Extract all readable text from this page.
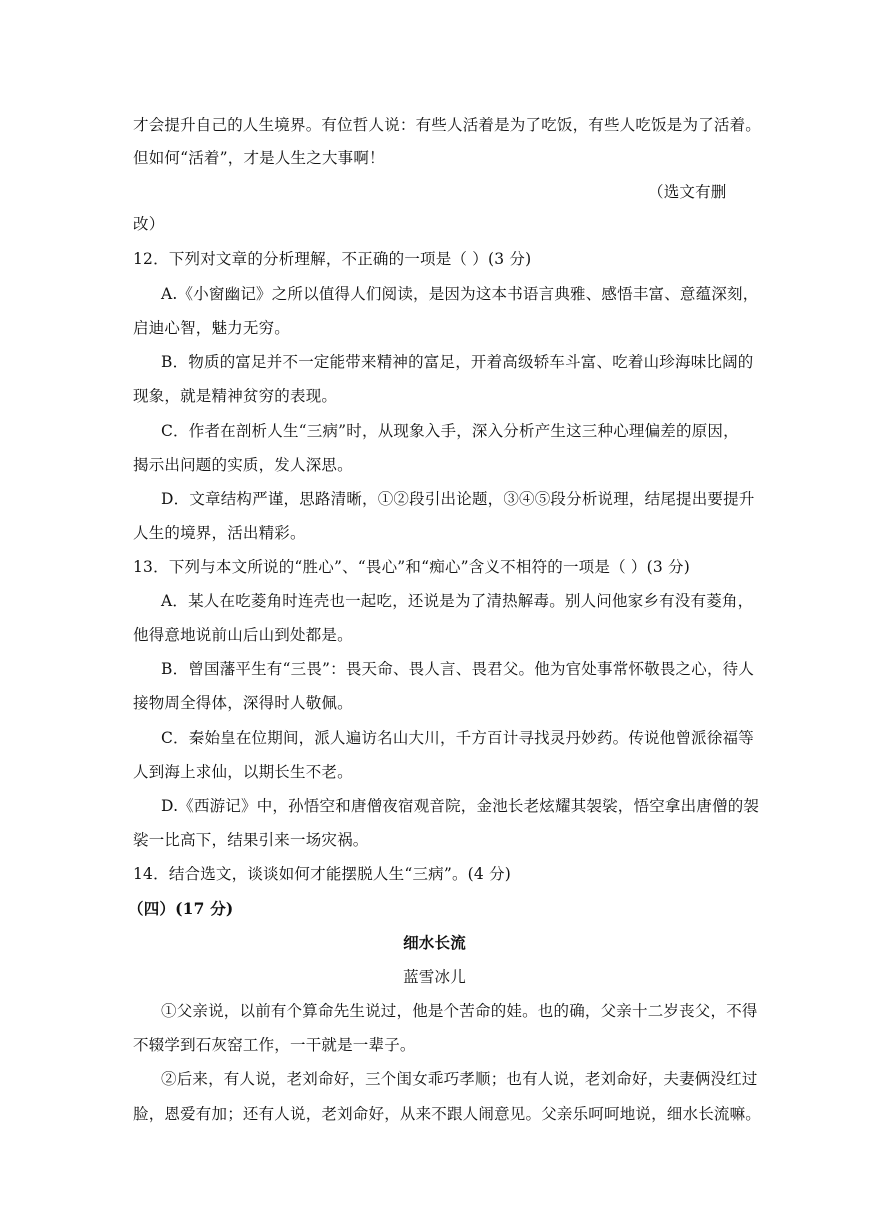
才会提升自己的人生境界。有位哲人说：有些人活着是为了吃饭，有些人吃饭是为了活着。
但如何“活着”，才是人生之大事啊！
（选文有删
改）
12．下列对文章的分析理解，不正确的一项是（ ）(3 分)
A.《小窗幽记》之所以值得人们阅读，是因为这本书语言典雅、感悟丰富、意蕴深刻，
启迪心智，魅力无穷。
B．物质的富足并不一定能带来精神的富足，开着高级轿车斗富、吃着山珍海味比阔的
现象，就是精神贫穷的表现。
C．作者在剖析人生“三病”时，从现象入手，深入分析产生这三种心理偏差的原因，
揭示出问题的实质，发人深思。
D．文章结构严谨，思路清晰，①②段引出论题，③④⑤段分析说理，结尾提出要提升
人生的境界，活出精彩。
13．下列与本文所说的“胜心”、“畏心”和“痴心”含义不相符的一项是（ ）(3 分)
A．某人在吃菱角时连壳也一起吃，还说是为了清热解毒。别人问他家乡有没有菱角，
他得意地说前山后山到处都是。
B．曾国藩平生有“三畏”：畏天命、畏人言、畏君父。他为官处事常怀敬畏之心，待人
接物周全得体，深得时人敬佩。
C．秦始皇在位期间，派人遍访名山大川，千方百计寻找灵丹妙药。传说他曾派徐福等
人到海上求仙，以期长生不老。
D.《西游记》中，孙悟空和唐僧夜宿观音院，金池长老炫耀其袈裟，悟空拿出唐僧的袈
裟一比高下，结果引来一场灾祸。
14．结合选文，谈谈如何才能摆脱人生“三病”。(4 分)
（四）(17 分)
细水长流
蓝雪冰儿
①父亲说，以前有个算命先生说过，他是个苦命的娃。也的确，父亲十二岁丧父，不得
不辍学到石灰窑工作，一干就是一辈子。
②后来，有人说，老刘命好，三个闺女乖巧孝顺；也有人说，老刘命好，夫妻俩没红过
脸，恩爱有加；还有人说，老刘命好，从来不跟人闹意见。父亲乐呵呵地说，细水长流嘛。
